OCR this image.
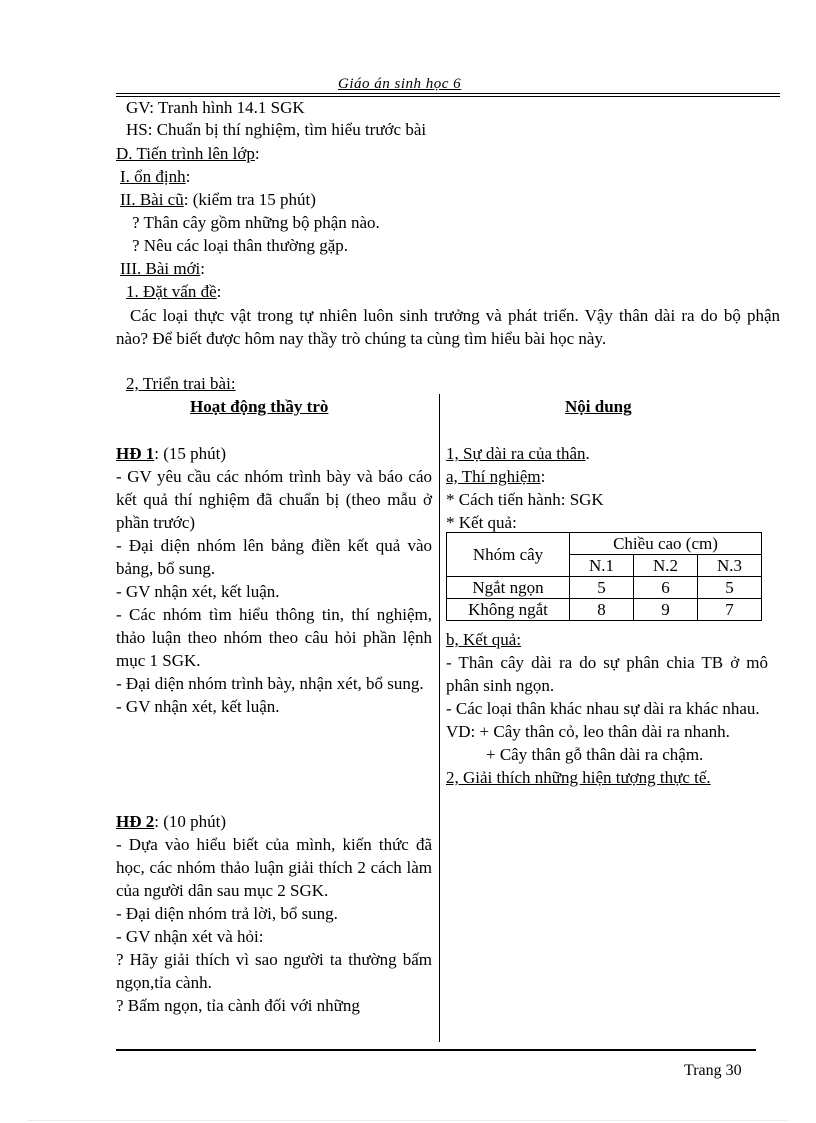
Giáo án sinh học 6
GV: Tranh hình 14.1 SGK
HS: Chuẩn bị thí nghiệm, tìm hiểu trước bài
D. Tiến trình lên lớp:
I. ổn định:
II. Bài cũ: (kiểm tra 15 phút)
? Thân cây gồm những bộ phận nào.
? Nêu các loại thân thường gặp.
III. Bài mới:
1. Đặt vấn đề:
Các loại thực vật trong tự nhiên luôn sinh trưởng và phát triển. Vậy thân dài ra do bộ phận nào? Để biết được hôm nay thầy trò chúng ta cùng tìm hiểu bài học này.
2, Triển trai bài:
Hoạt động thầy trò	Nội dung
HĐ 1: (15 phút)

- GV yêu cầu các nhóm trình bày và báo cáo kết quả thí nghiệm đã chuẩn bị (theo mẫu ở phần trước)

- Đại diện nhóm lên bảng điền kết quả vào bảng, bổ sung.

- GV nhận xét, kết luận.

- Các nhóm tìm hiểu thông tin, thí nghiệm, thảo luận theo nhóm theo câu hỏi phần lệnh mục 1 SGK.

- Đại diện nhóm trình bày, nhận xét, bổ sung.

- GV nhận xét, kết luận.

HĐ 2: (10 phút)

- Dựa vào hiểu biết của mình, kiến thức đã học, các nhóm thảo luận giải thích 2 cách làm của người dân sau mục 2 SGK.

- Đại diện nhóm trả lời, bổ sung.

- GV nhận xét và hỏi:

? Hãy giải thích vì sao người ta thường bấm ngọn,tỉa cành.

? Bấm ngọn, tỉa cành đối với những

1, Sự dài ra của thân.
a, Thí nghiệm:
* Cách tiến hành: SGK
* Kết quả:
Nhóm cây	Chiều cao (cm)		
	N.1	N.2	N.3
Ngắt ngọn	5	6	5
Không ngắt	8	9	7
b, Kết quả:

- Thân cây dài ra do sự phân chia TB ở mô phân sinh ngọn.

- Các loại thân khác nhau sự dài ra khác nhau.

VD: + Cây thân cỏ, leo thân dài ra nhanh.

+ Cây thân gỗ thân dài ra chậm.

2, Giải thích những hiện tượng thực tế.

Trang 30
